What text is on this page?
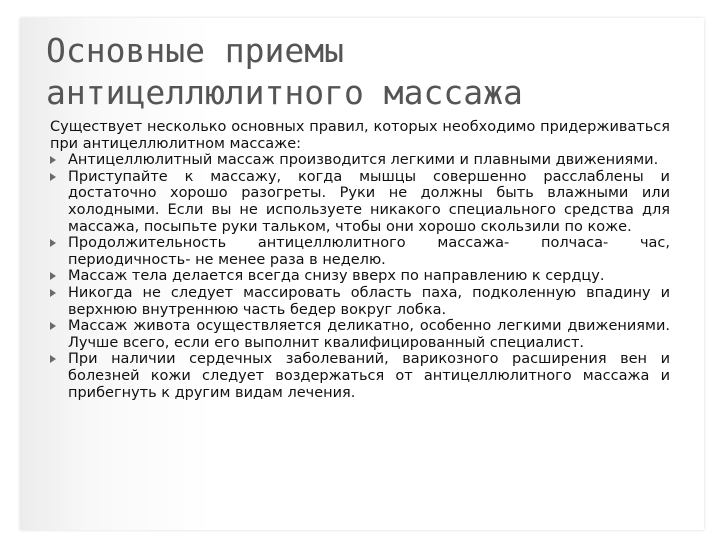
Основные приемы
антицеллюлитного массажа

Существует несколько основных правил, которых необходимо придерживаться при антицеллюлитном массаже:

Антицеллюлитный массаж производится легкими и плавными движениями.
Приступайте к массажу, когда мышцы совершенно расслаблены и достаточно хорошо разогреты. Руки не должны быть влажными или холодными. Если вы не используете никакого специального средства для массажа, посыпьте руки тальком, чтобы они хорошо скользили по коже.
Продолжительность антицеллюлитного массажа- полчаса- час, периодичность- не менее раза в неделю.
Массаж тела делается всегда снизу вверх по направлению к сердцу.
Никогда не следует массировать область паха, подколенную впадину и верхнюю внутреннюю часть бедер вокруг лобка.
Массаж живота осуществляется деликатно, особенно легкими движениями. Лучше всего, если его выполнит квалифицированный специалист.
При наличии сердечных заболеваний, варикозного расширения вен и болезней кожи следует воздержаться от антицеллюлитного массажа и прибегнуть к другим видам лечения.
